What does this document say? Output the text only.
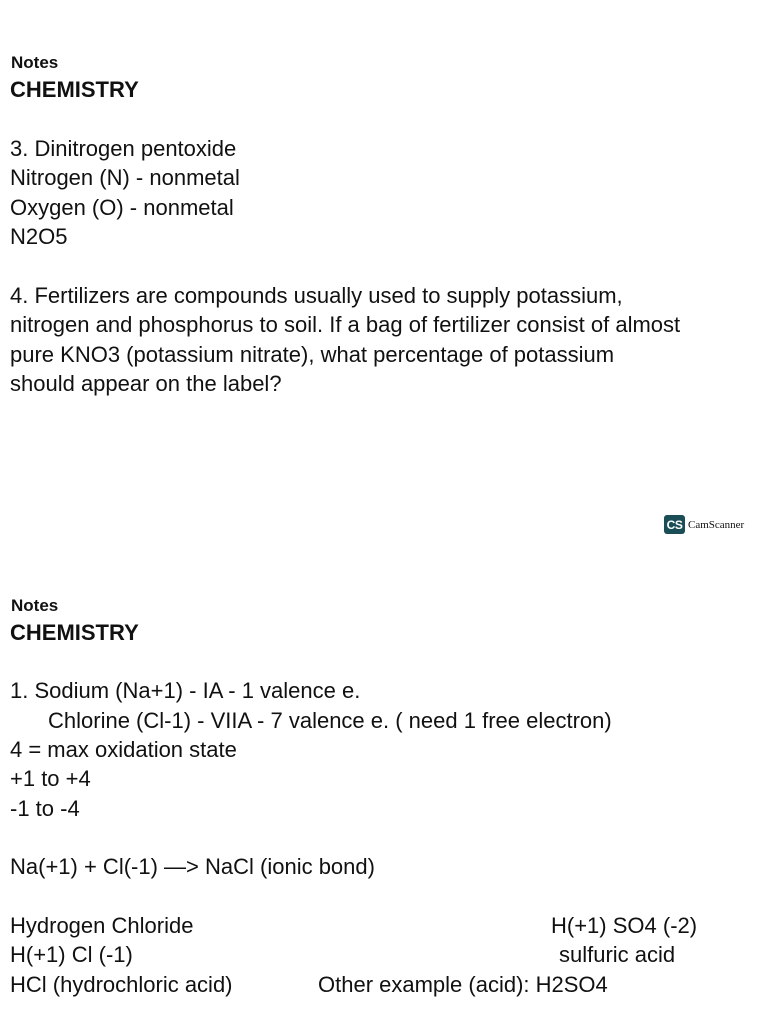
Notes
CHEMISTRY
3. Dinitrogen pentoxide
Nitrogen (N) - nonmetal
Oxygen (O) - nonmetal
N2O5
4. Fertilizers are compounds usually used to supply potassium,
nitrogen and phosphorus to soil. If a bag of fertilizer consist of almost
pure KNO3 (potassium nitrate), what percentage of potassium
should appear on the label?
CS CamScanner
Notes
CHEMISTRY
1. Sodium (Na+1) - IA - 1 valence e.
Chlorine (Cl-1) - VIIA - 7 valence e. ( need 1 free electron)
4 = max oxidation state
+1 to +4
-1 to -4
Na(+1) + Cl(-1) —> NaCl (ionic bond)
Hydrogen Chloride
H(+1) Cl (-1)
HCl (hydrochloric acid)
H(+1) SO4 (-2)
sulfuric acid
Other example (acid): H2SO4
